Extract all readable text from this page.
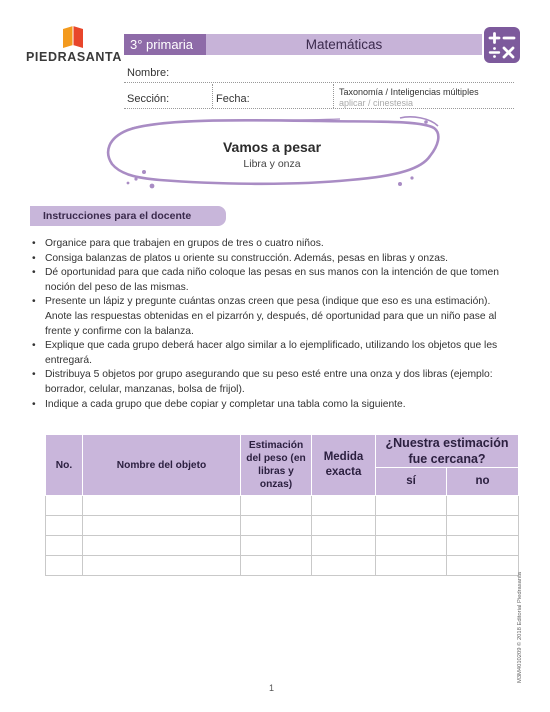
PIEDRASANTA
3° primaria	Matemáticas
Nombre:
Sección:	Fecha:
Taxonomía / Inteligencias múltiples
aplicar / cinestesia
Vamos a pesar
Libra y onza
Instrucciones para el docente
• Organice para que trabajen en grupos de tres o cuatro niños.
• Consiga balanzas de platos u oriente su construcción. Además, pesas en libras y onzas.
• Dé oportunidad para que cada niño coloque las pesas en sus manos con la intención de que tomen noción del peso de las mismas.
• Presente un lápiz y pregunte cuántas onzas creen que pesa (indique que eso es una estimación). Anote las respuestas obtenidas en el pizarrón y, después, dé oportunidad para que un niño pase al frente y confirme con la balanza.
• Explique que cada grupo deberá hacer algo similar a lo ejemplificado, utilizando los objetos que les entregará.
• Distribuya 5 objetos por grupo asegurando que su peso esté entre una onza y dos libras (ejemplo: borrador, celular, manzanas, bolsa de frijol).
• Indique a cada grupo que debe copiar y completar una tabla como la siguiente.
No.	Nombre del objeto	Estimación del peso (en libras y onzas)	Medida exacta	¿Nuestra estimación fue cercana?	
				sí	no

M3M4010209 © 2018 Editorial Piedrasanta
1
